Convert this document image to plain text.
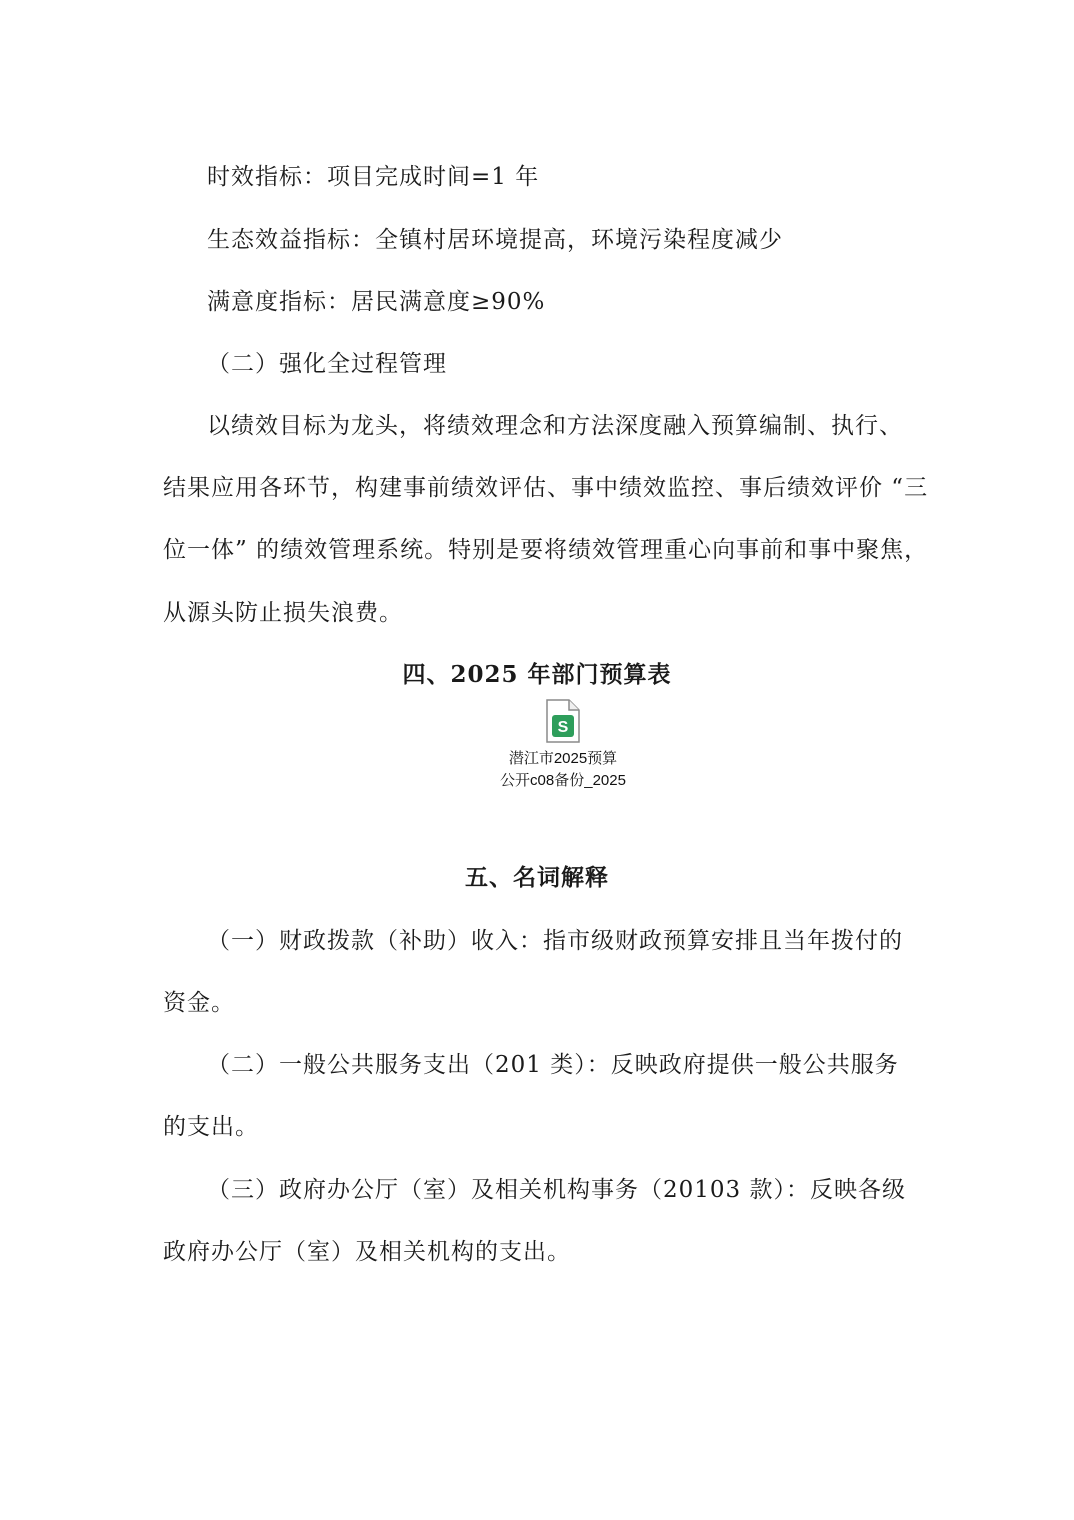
时效指标：项目完成时间=1 年
生态效益指标：全镇村居环境提高，环境污染程度减少
满意度指标：居民满意度≥90%
（二）强化全过程管理
以绩效目标为龙头，将绩效理念和方法深度融入预算编制、执行、
结果应用各环节，构建事前绩效评估、事中绩效监控、事后绩效评价 “三
位一体” 的绩效管理系统。特别是要将绩效管理重心向事前和事中聚焦，
从源头防止损失浪费。
四、2025 年部门预算表
S
潜江市2025预算
公开c08备份_2025
五、名词解释
（一）财政拨款（补助）收入：指市级财政预算安排且当年拨付的
资金。
（二）一般公共服务支出（201 类）：反映政府提供一般公共服务
的支出。
（三）政府办公厅（室）及相关机构事务（20103 款）：反映各级
政府办公厅（室）及相关机构的支出。
